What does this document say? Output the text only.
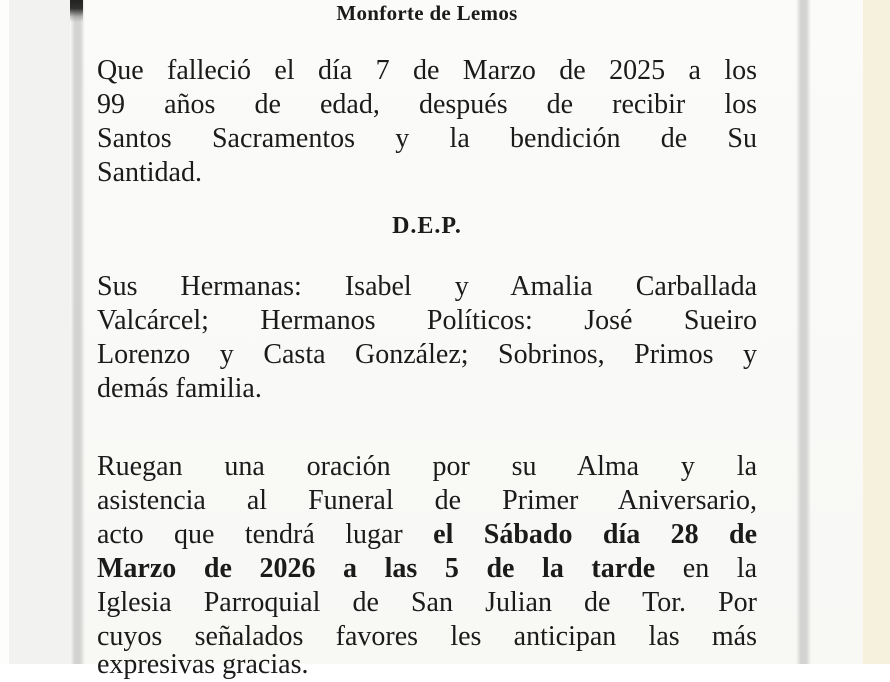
Monforte de Lemos
Que falleció el día 7 de Marzo de 2025 a los
99 años de edad, después de recibir los
Santos Sacramentos y la bendición de Su
Santidad.
D.E.P.
Sus Hermanas: Isabel y Amalia Carballada
Valcárcel; Hermanos Políticos: José Sueiro
Lorenzo y Casta González; Sobrinos, Primos y
demás familia.
Ruegan una oración por su Alma y la
asistencia al Funeral de Primer Aniversario,
acto que tendrá lugar el Sábado día 28 de
Marzo de 2026 a las 5 de la tarde en la
Iglesia Parroquial de San Julian de Tor. Por
cuyos señalados favores les anticipan las más
expresivas gracias.
